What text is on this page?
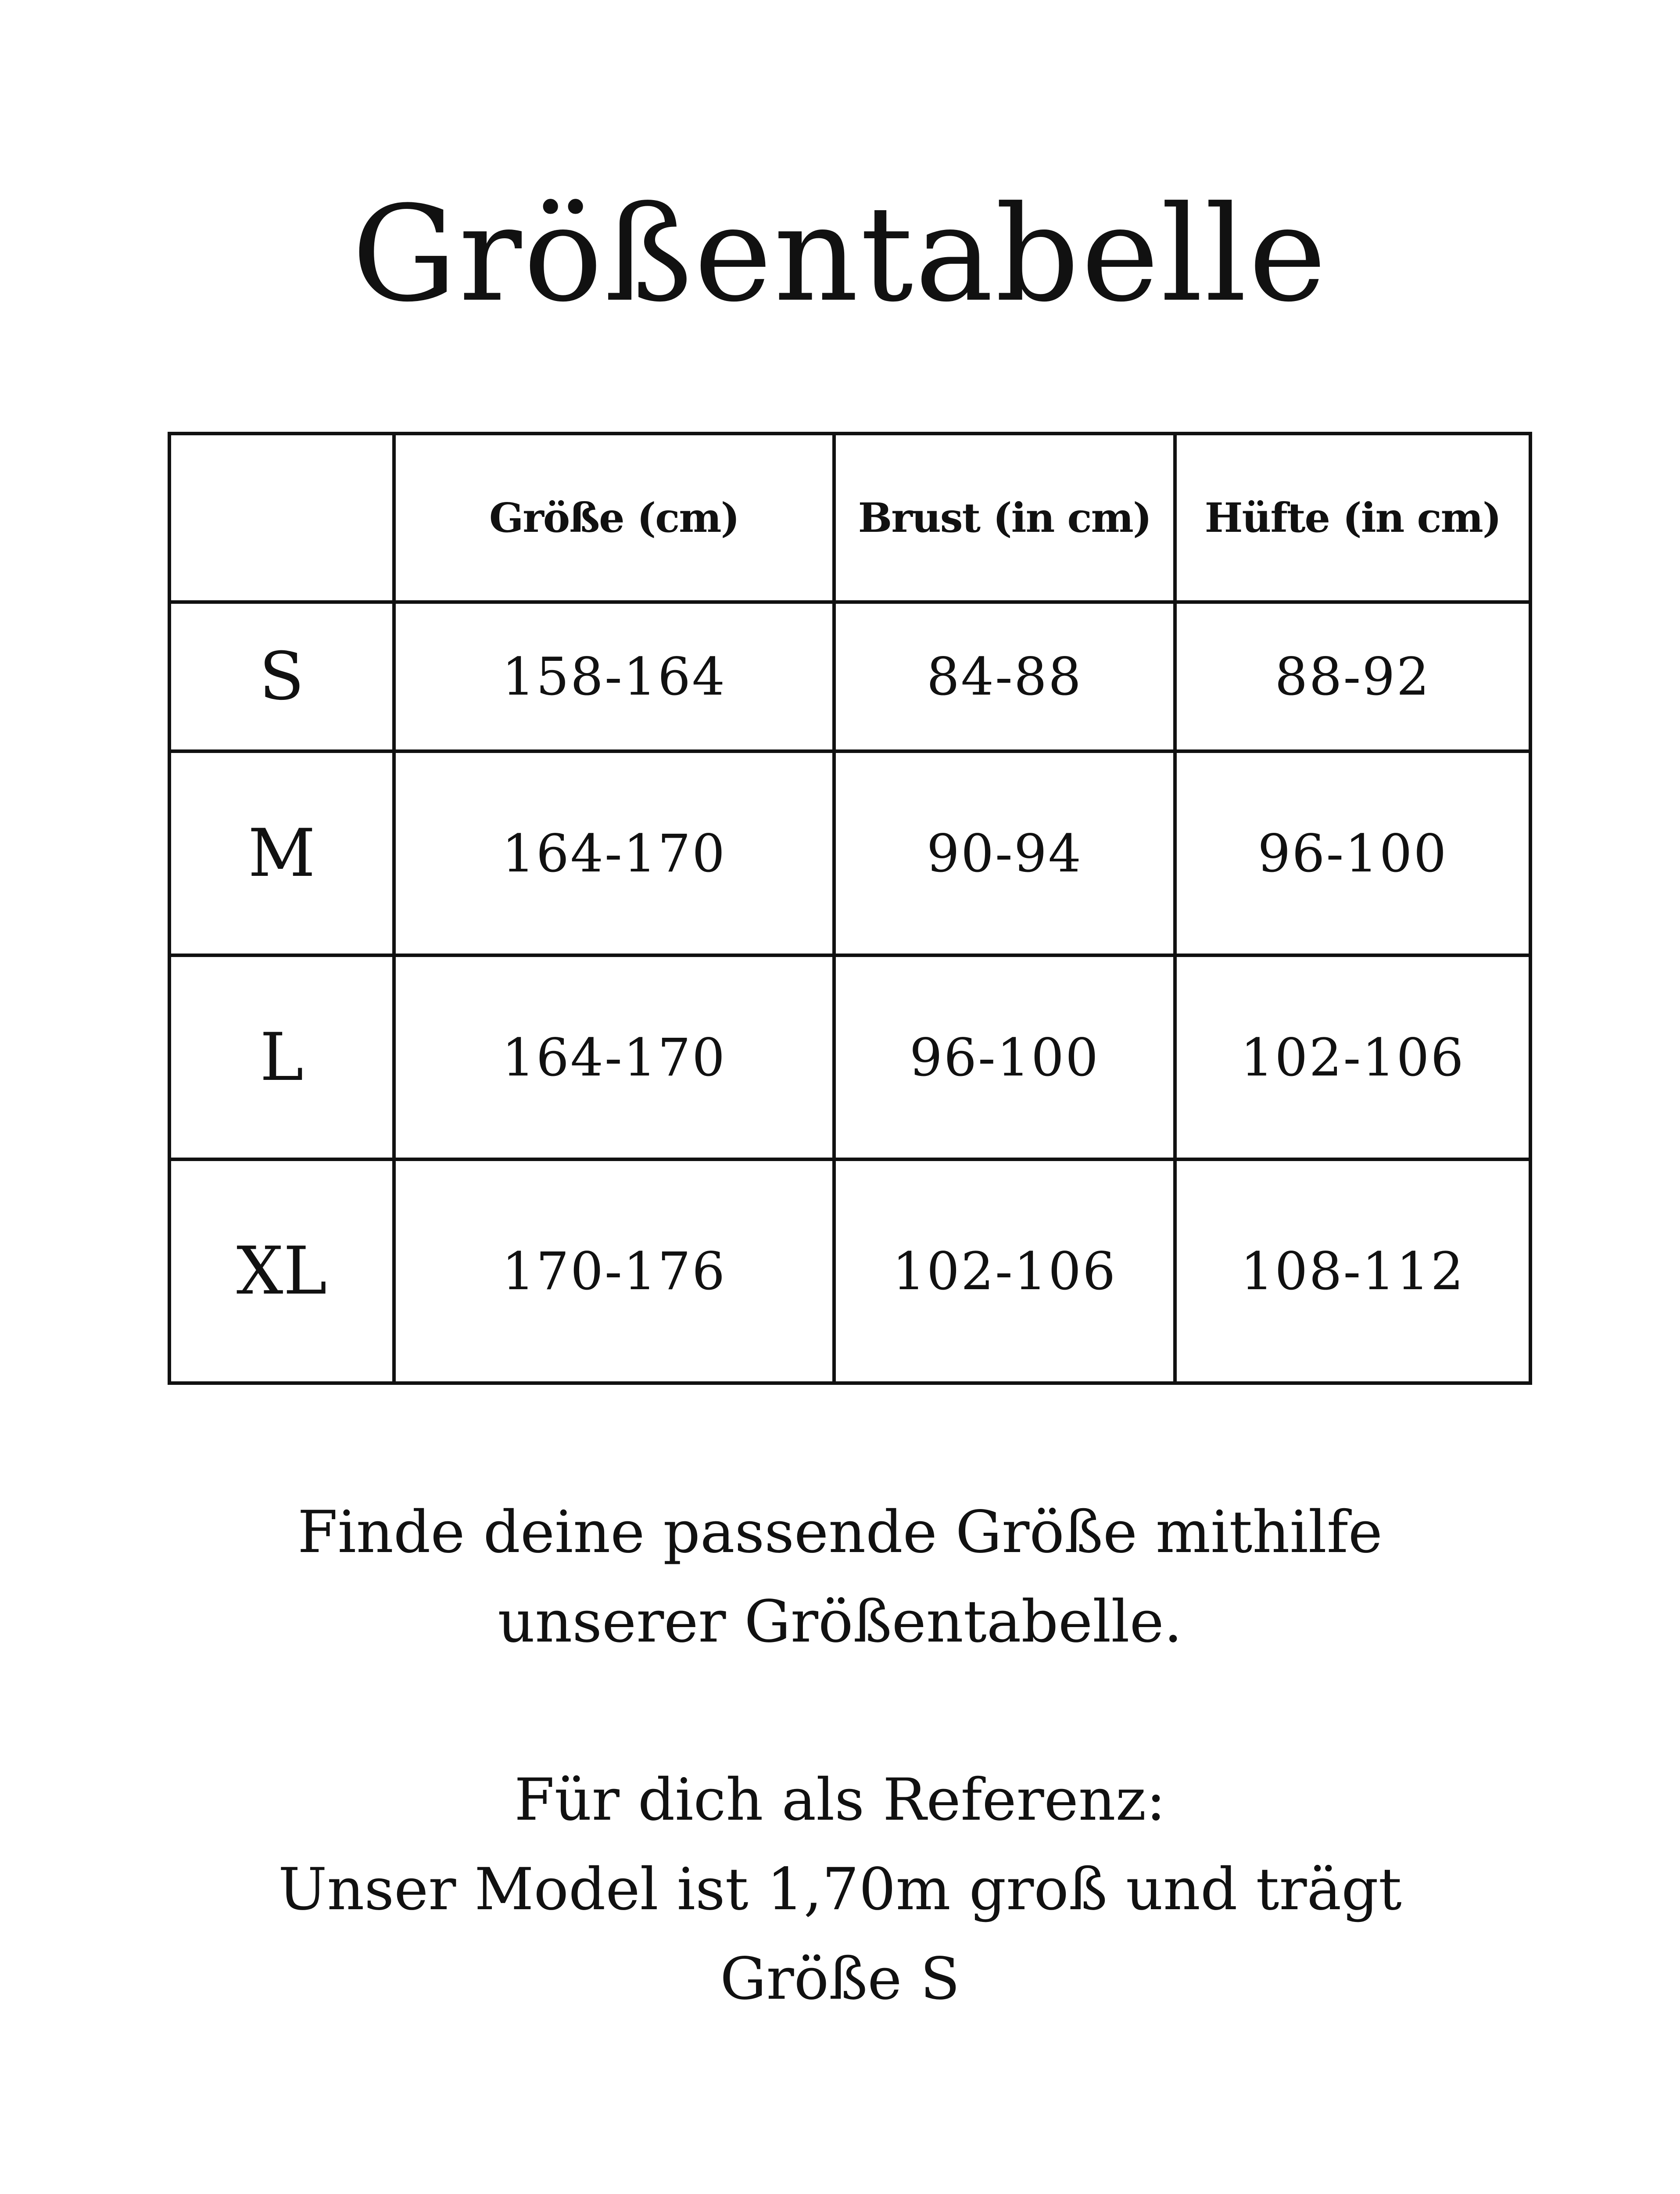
Größentabelle
	Größe (cm)	Brust (in cm)	Hüfte (in cm)
S	158-164	84-88	88-92
M	164-170	90-94	96-100
L	164-170	96-100	102-106
XL	170-176	102-106	108-112
Finde deine passende Größe mithilfe
unserer Größentabelle.
Für dich als Referenz:
Unser Model ist 1,70m groß und trägt
Größe S
